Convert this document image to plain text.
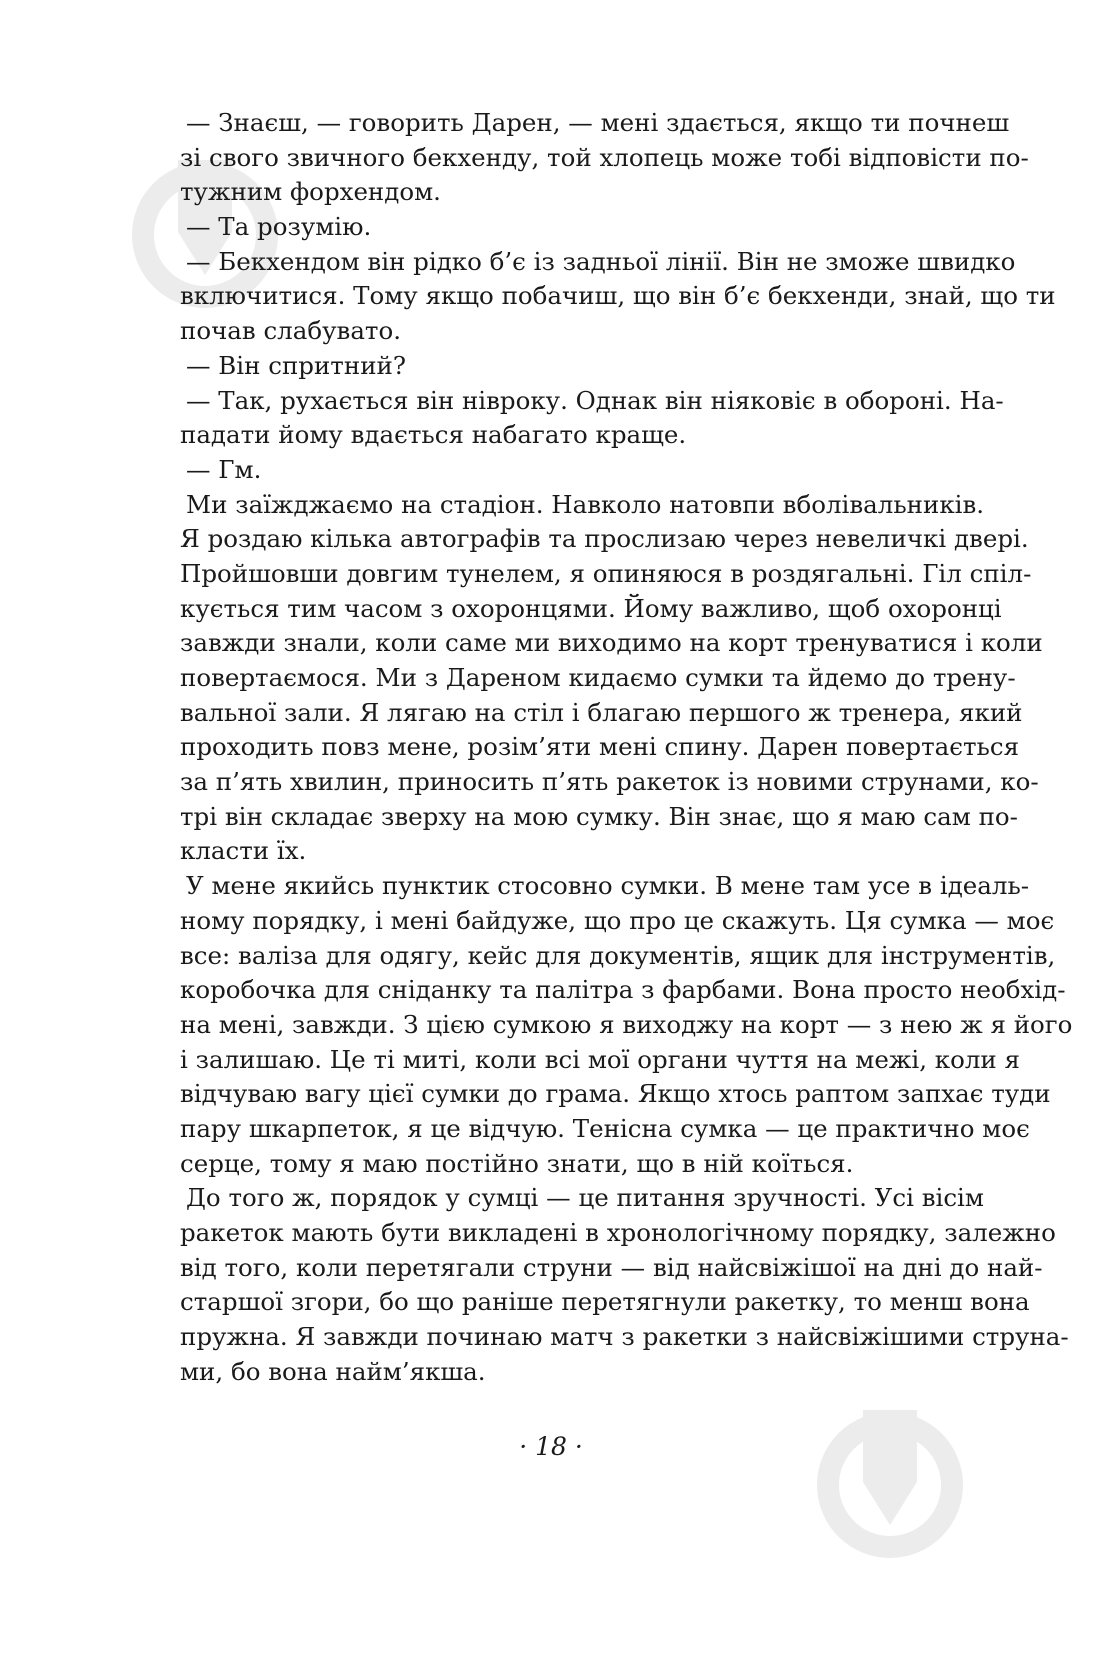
— Знаєш, — говорить Дарен, — мені здається, якщо ти почнеш
зі свого звичного бекхенду, той хлопець може тобі відповісти по-
тужним форхендом.
— Та розумію.
— Бекхендом він рідко б’є із задньої лінії. Він не зможе швидко
включитися. Тому якщо побачиш, що він б’є бекхенди, знай, що ти
почав слабувато.
— Він спритний?
— Так, рухається він нівроку. Однак він ніяковіє в обороні. На-
падати йому вдається набагато краще.
— Гм.
Ми заїжджаємо на стадіон. Навколо натовпи вболівальників.
Я роздаю кілька автографів та прослизаю через невеличкі двері.
Пройшовши довгим тунелем, я опиняюся в роздягальні. Гіл спіл-
кується тим часом з охоронцями. Йому важливо, щоб охоронці
завжди знали, коли саме ми виходимо на корт тренуватися і коли
повертаємося. Ми з Дареном кидаємо сумки та йдемо до трену-
вальної зали. Я лягаю на стіл і благаю першого ж тренера, який
проходить повз мене, розім’яти мені спину. Дарен повертається
за п’ять хвилин, приносить п’ять ракеток із новими струнами, ко-
трі він складає зверху на мою сумку. Він знає, що я маю сам по-
класти їх.
У мене якийсь пунктик стосовно сумки. В мене там усе в ідеаль-
ному порядку, і мені байдуже, що про це скажуть. Ця сумка — моє
все: валіза для одягу, кейс для документів, ящик для інструментів,
коробочка для сніданку та палітра з фарбами. Вона просто необхід-
на мені, завжди. З цією сумкою я виходжу на корт — з нею ж я його
і залишаю. Це ті миті, коли всі мої органи чуття на межі, коли я
відчуваю вагу цієї сумки до грама. Якщо хтось раптом запхає туди
пару шкарпеток, я це відчую. Тенісна сумка — це практично моє
серце, тому я маю постійно знати, що в ній коїться.
До того ж, порядок у сумці — це питання зручності. Усі вісім
ракеток мають бути викладені в хронологічному порядку, залежно
від того, коли перетягали струни — від найсвіжішої на дні до най-
старшої згори, бо що раніше перетягнули ракетку, то менш вона
пружна. Я завжди починаю матч з ракетки з найсвіжішими струна-
ми, бо вона найм’якша.
· 18 ·
